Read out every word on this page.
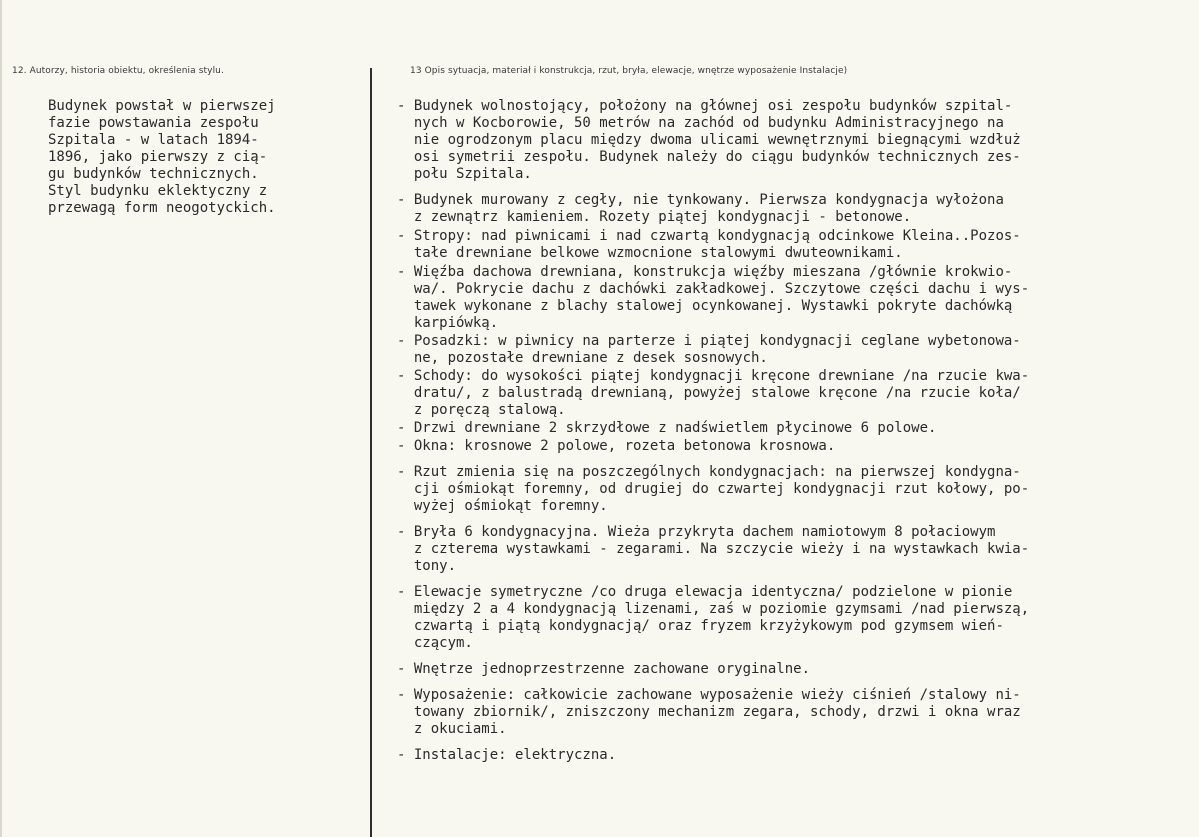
12. Autorzy, historia obiektu, określenia stylu.	13 Opis sytuacja, materiał i konstrukcja, rzut, bryła, elewacje, wnętrze wyposażenie Instalacje)
Budynek powstał w pierwszej
fazie powstawania zespołu
Szpitala - w latach 1894-
1896, jako pierwszy z cią-
gu budynków technicznych.
Styl budynku eklektyczny z
przewagą form neogotyckich.
- Budynek wolnostojący, położony na głównej osi zespołu budynków szpital-
nych w Kocborowie, 50 metrów na zachód od budynku Administracyjnego na
nie ogrodzonym placu między dwoma ulicami wewnętrznymi biegnącymi wzdłuż
osi symetrii zespołu. Budynek należy do ciągu budynków technicznych zes-
połu Szpitala.
- Budynek murowany z cegły, nie tynkowany. Pierwsza kondygnacja wyłożona
z zewnątrz kamieniem. Rozety piątej kondygnacji - betonowe.
- Stropy: nad piwnicami i nad czwartą kondygnacją odcinkowe Kleina..Pozos-
tałe drewniane belkowe wzmocnione stalowymi dwuteownikami.
- Więźba dachowa drewniana, konstrukcja więźby mieszana /głównie krokwio-
wa/. Pokrycie dachu z dachówki zakładkowej. Szczytowe części dachu i wys-
tawek wykonane z blachy stalowej ocynkowanej. Wystawki pokryte dachówką
karpiówką.
- Posadzki: w piwnicy na parterze i piątej kondygnacji ceglane wybetonowa-
ne, pozostałe drewniane z desek sosnowych.
- Schody: do wysokości piątej kondygnacji kręcone drewniane /na rzucie kwa-
dratu/, z balustradą drewnianą, powyżej stalowe kręcone /na rzucie koła/
z poręczą stalową.
- Drzwi drewniane 2 skrzydłowe z nadświetlem płycinowe 6 polowe.
- Okna: krosnowe 2 polowe, rozeta betonowa krosnowa.
- Rzut zmienia się na poszczególnych kondygnacjach: na pierwszej kondygna-
cji ośmiokąt foremny, od drugiej do czwartej kondygnacji rzut kołowy, po-
wyżej ośmiokąt foremny.
- Bryła 6 kondygnacyjna. Wieża przykryta dachem namiotowym 8 połaciowym
z czterema wystawkami - zegarami. Na szczycie wieży i na wystawkach kwia-
tony.
- Elewacje symetryczne /co druga elewacja identyczna/ podzielone w pionie
między 2 a 4 kondygnacją lizenami, zaś w poziomie gzymsami /nad pierwszą,
czwartą i piątą kondygnacją/ oraz fryzem krzyżykowym pod gzymsem wień-
czącym.
- Wnętrze jednoprzestrzenne zachowane oryginalne.
- Wyposażenie: całkowicie zachowane wyposażenie wieży ciśnień /stalowy ni-
towany zbiornik/, zniszczony mechanizm zegara, schody, drzwi i okna wraz
z okuciami.
- Instalacje: elektryczna.
